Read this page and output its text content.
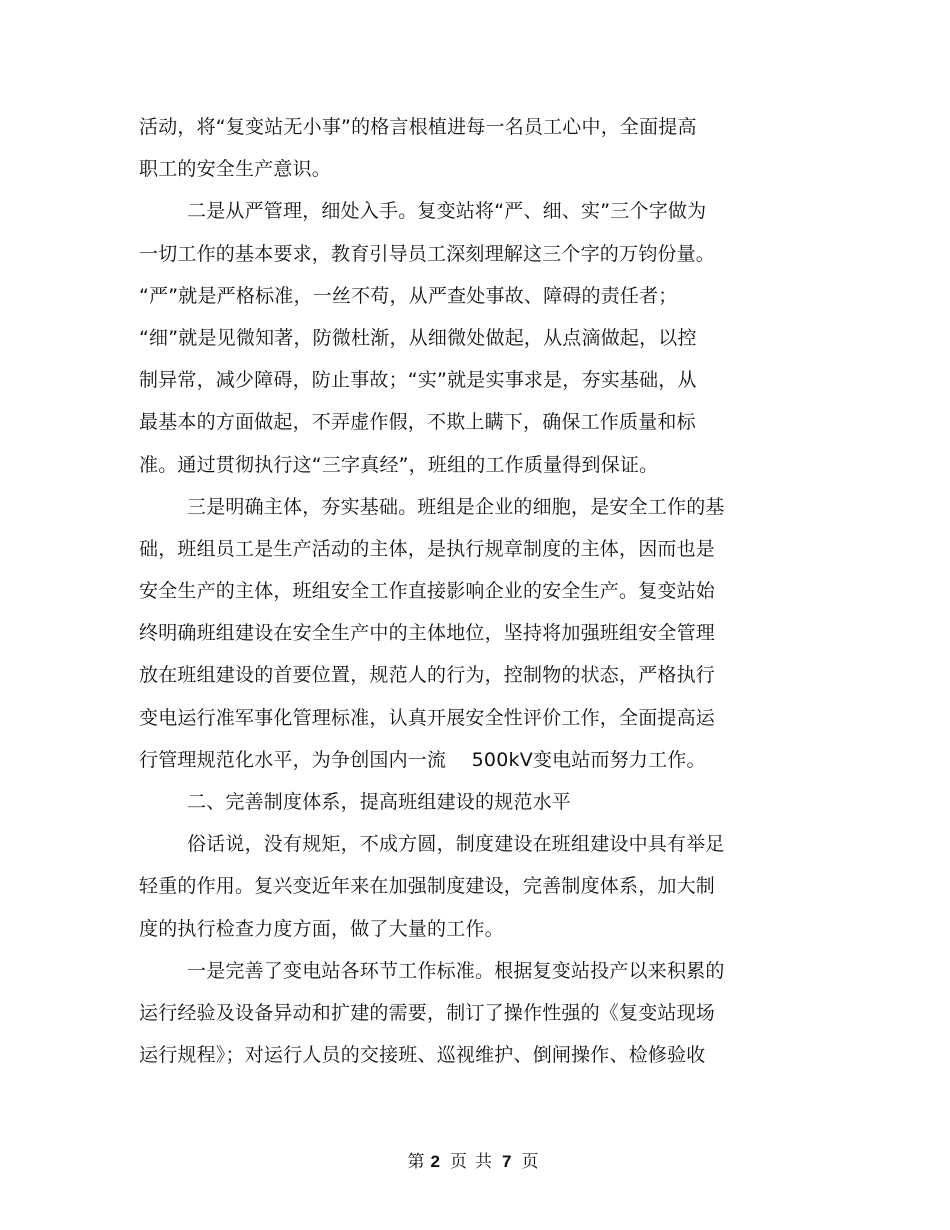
活动，将“复变站无小事”的格言根植进每一名员工心中，全面提高
职工的安全生产意识。
二是从严管理，细处入手。复变站将“严、细、实”三个字做为
一切工作的基本要求，教育引导员工深刻理解这三个字的万钧份量。
“严”就是严格标准，一丝不苟，从严查处事故、障碍的责任者；
“细”就是见微知著，防微杜渐，从细微处做起，从点滴做起，以控
制异常，减少障碍，防止事故；“实”就是实事求是，夯实基础，从
最基本的方面做起，不弄虚作假，不欺上瞒下，确保工作质量和标
准。通过贯彻执行这“三字真经”，班组的工作质量得到保证。
三是明确主体，夯实基础。班组是企业的细胞，是安全工作的基
础，班组员工是生产活动的主体，是执行规章制度的主体，因而也是
安全生产的主体，班组安全工作直接影响企业的安全生产。复变站始
终明确班组建设在安全生产中的主体地位，坚持将加强班组安全管理
放在班组建设的首要位置，规范人的行为，控制物的状态，严格执行
变电运行准军事化管理标准，认真开展安全性评价工作，全面提高运
行管理规范化水平，为争创国内一流　 500kV变电站而努力工作。
二、完善制度体系，提高班组建设的规范水平
俗话说，没有规矩，不成方圆，制度建设在班组建设中具有举足
轻重的作用。复兴变近年来在加强制度建设，完善制度体系，加大制
度的执行检查力度方面，做了大量的工作。
一是完善了变电站各环节工作标准。根据复变站投产以来积累的
运行经验及设备异动和扩建的需要，制订了操作性强的《复变站现场
运行规程》；对运行人员的交接班、巡视维护、倒闸操作、检修验收
第 2 页 共 7 页
